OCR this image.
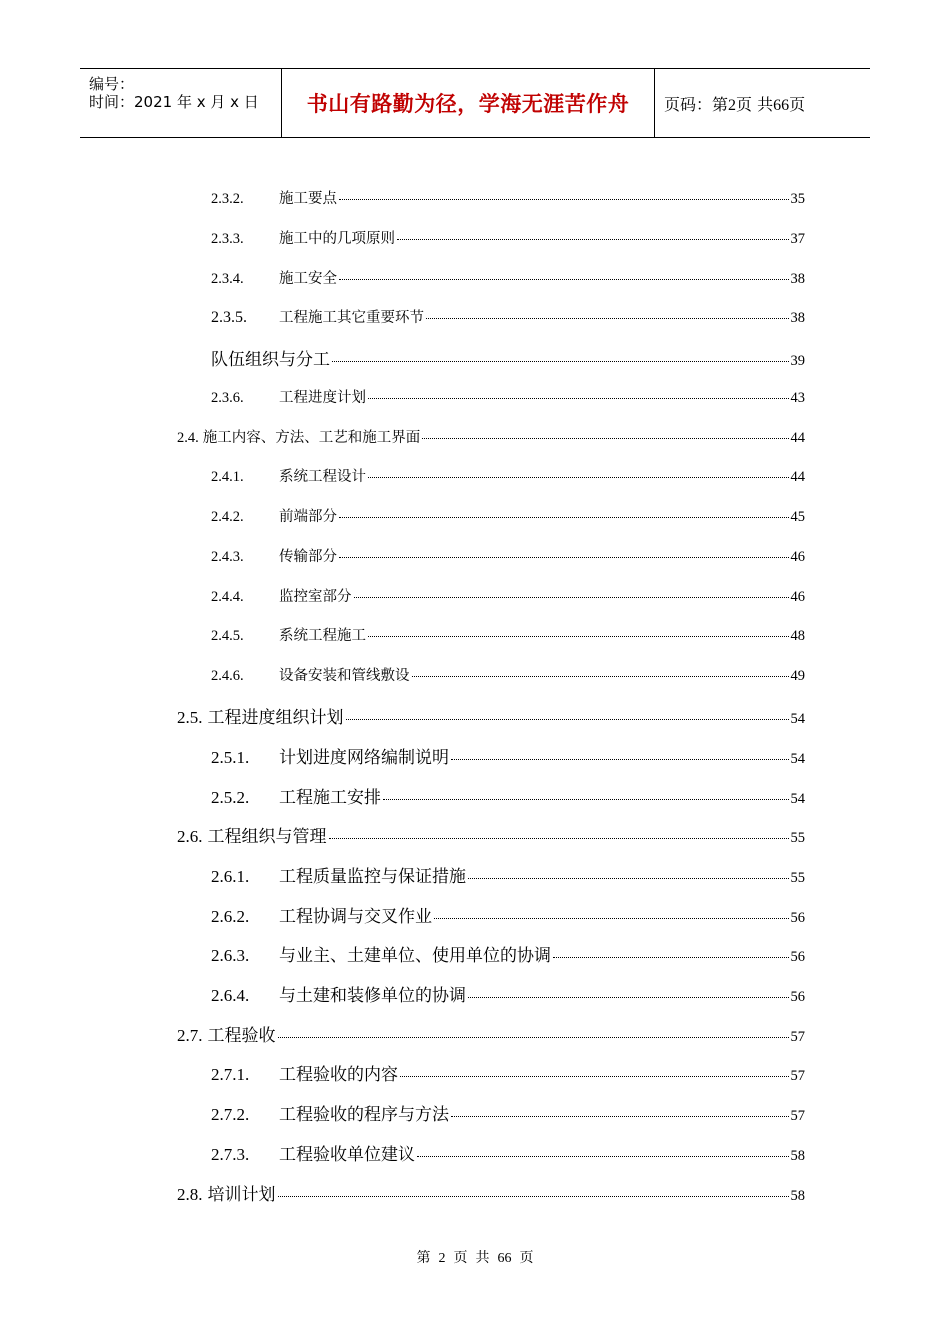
编号：
时间：2021 年 x 月 x 日 书山有路勤为径，学海无涯苦作舟 页码：第2页 共66页
2.3.2.	施工要点	35
2.3.3.	施工中的几项原则	37
2.3.4.	施工安全	38
2.3.5.	工程施工其它重要环节	38
队伍组织与分工	39
2.3.6.	工程进度计划	43
2.4. 施工内容、方法、工艺和施工界面	44
2.4.1.	系统工程设计	44
2.4.2.	前端部分	45
2.4.3.	传输部分	46
2.4.4.	监控室部分	46
2.4.5.	系统工程施工	48
2.4.6.	设备安装和管线敷设	49
2.5. 工程进度组织计划	54
2.5.1.	计划进度网络编制说明	54
2.5.2.	工程施工安排	54
2.6. 工程组织与管理	55
2.6.1.	工程质量监控与保证措施	55
2.6.2.	工程协调与交叉作业	56
2.6.3.	与业主、土建单位、使用单位的协调	56
2.6.4.	与土建和装修单位的协调	56
2.7. 工程验收	57
2.7.1.	工程验收的内容	57
2.7.2.	工程验收的程序与方法	57
2.7.3.	工程验收单位建议	58
2.8. 培训计划	58
第 2 页 共 66 页
